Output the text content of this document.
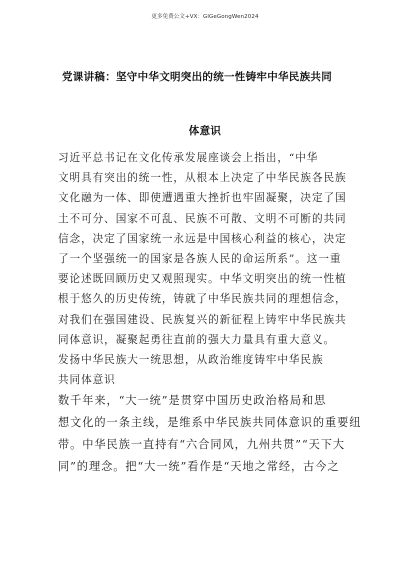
更多免费公文+VX：GlGeGongWen2024
党课讲稿：坚守中华文明突出的统一性铸牢中华民族共同
体意识
习近平总书记在文化传承发展座谈会上指出，“中华
文明具有突出的统一性，从根本上决定了中华民族各民族
文化融为一体、即使遭遇重大挫折也牢固凝聚，决定了国
土不可分、国家不可乱、民族不可散、文明不可断的共同
信念，决定了国家统一永远是中国核心利益的核心，决定
了一个坚强统一的国家是各族人民的命运所系”。这一重
要论述既回顾历史又观照现实。中华文明突出的统一性植
根于悠久的历史传统，铸就了中华民族共同的理想信念，
对我们在强国建设、民族复兴的新征程上铸牢中华民族共
同体意识，凝聚起勇往直前的强大力量具有重大意义。
发扬中华民族大一统思想，从政治维度铸牢中华民族
共同体意识
数千年来，“大一统”是贯穿中国历史政治格局和思
想文化的一条主线，是维系中华民族共同体意识的重要纽
带。中华民族一直持有“六合同风，九州共贯”“天下大
同”的理念。把“大一统”看作是“天地之常经，古今之
